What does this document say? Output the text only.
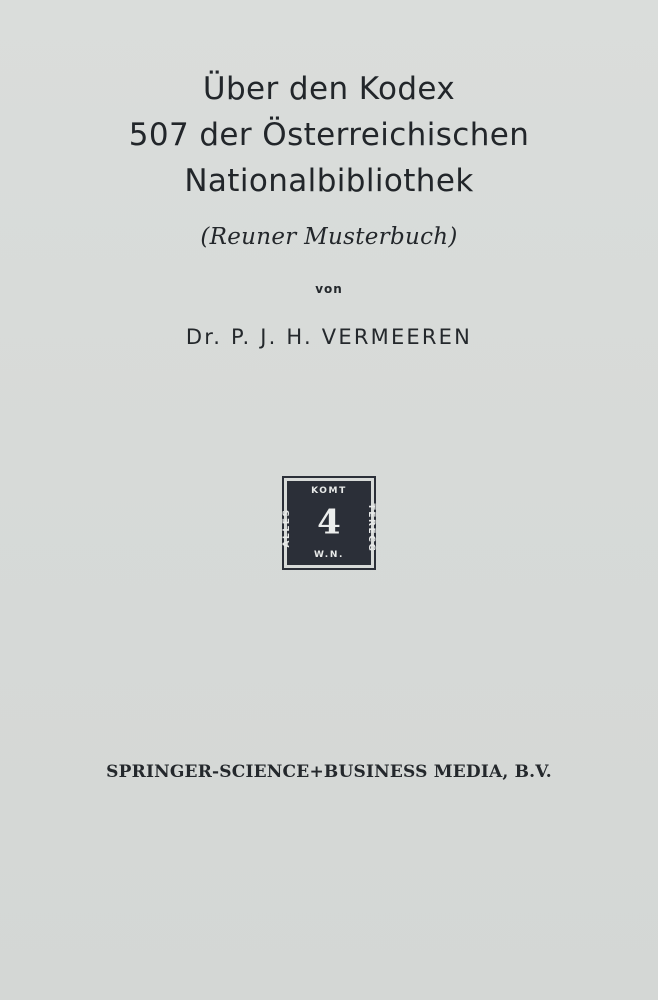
Über den Kodex
507 der Österreichischen
Nationalbibliothek
(Reuner Musterbuch)
von
Dr. P. J. H. VERMEEREN
KOMT
TERECG
W.N.
ALLES 4
SPRINGER-SCIENCE+BUSINESS MEDIA, B.V.
